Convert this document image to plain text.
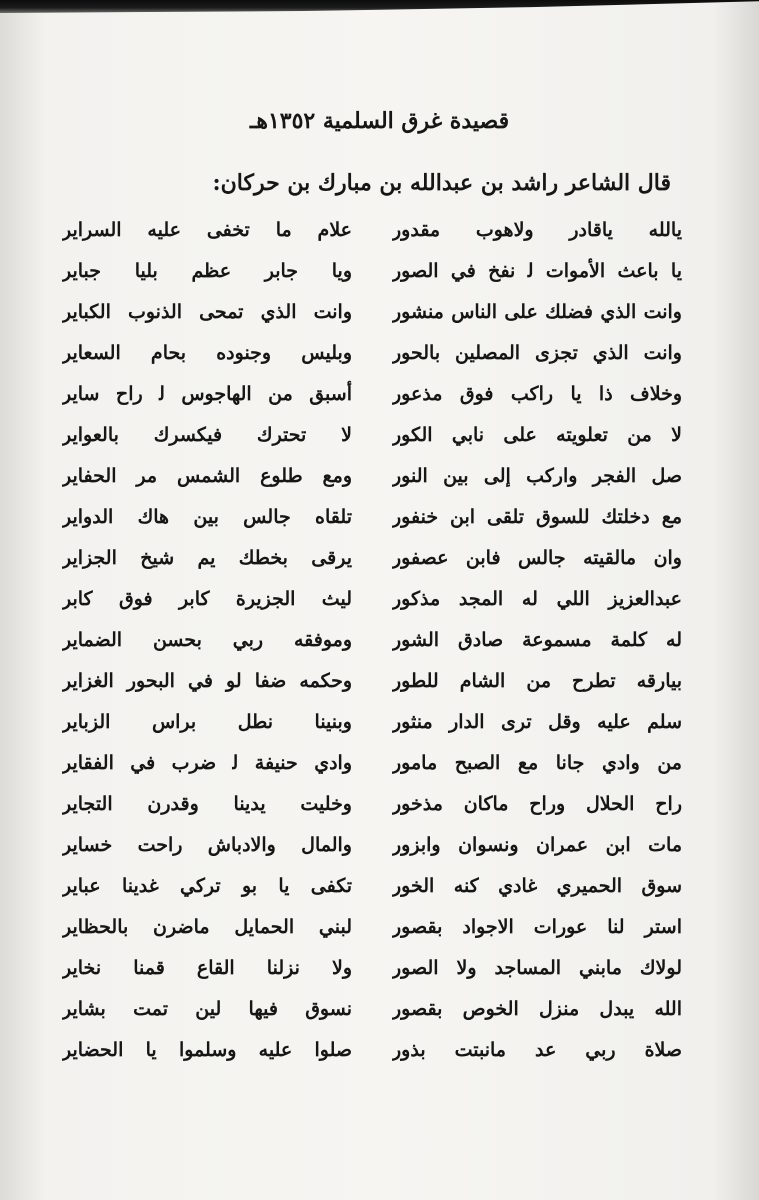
قصيدة غرق السلمية ١٣٥٢هـ
قال الشاعر راشد بن عبدالله بن مبارك بن حركان:
يالله ياقادر ولاهوب مقدور
علام ما تخفى عليه السراير
يا باعث الأموات ﻟ نفخ في الصور
ويا جابر عظم بليا جباير
وانت الذي فضلك على الناس منشور
وانت الذي تمحى الذنوب الكباير
وانت الذي تجزى المصلين بالحور
وبليس وجنوده بحام السعاير
وخلاف ذا يا راكب فوق مذعور
أسبق من الهاجوس ﻟ راح ساير
لا من تعلويته على نابي الكور
لا تحترك فيكسرك بالعواير
صل الفجر واركب إلى بين النور
ومع طلوع الشمس مر الحفاير
مع دخلتك للسوق تلقى ابن خنفور
تلقاه جالس بين هاك الدواير
وان مالقيته جالس فابن عصفور
يرقى بخطك يم شيخ الجزاير
عبدالعزيز اللي له المجد مذكور
ليث الجزيرة كابر فوق كابر
له كلمة مسموعة صادق الشور
وموفقه ربي بحسن الضماير
بيارقه تطرح من الشام للطور
وحكمه ضفا لو في البحور الغزاير
سلم عليه وقل ترى الدار منثور
وبنينا نطل براس الزباير
من وادي جانا مع الصبح مامور
وادي حنيفة ﻟ ضرب في الفقاير
راح الحلال وراح ماكان مذخور
وخليت يدينا وقدرن التجاير
مات ابن عمران ونسوان وابزور
والمال والادباش راحت خساير
سوق الحميري غادي كنه الخور
تكفى يا بو تركي غدينا عباير
استر لنا عورات الاجواد بقصور
لبني الحمايل ماضرن بالحظاير
لولاك مابني المساجد ولا الصور
ولا نزلنا القاع قمنا نخاير
الله يبدل منزل الخوص بقصور
نسوق فيها لين تمت بشاير
صلاة ربي عد مانبتت بذور
صلوا عليه وسلموا يا الحضاير
